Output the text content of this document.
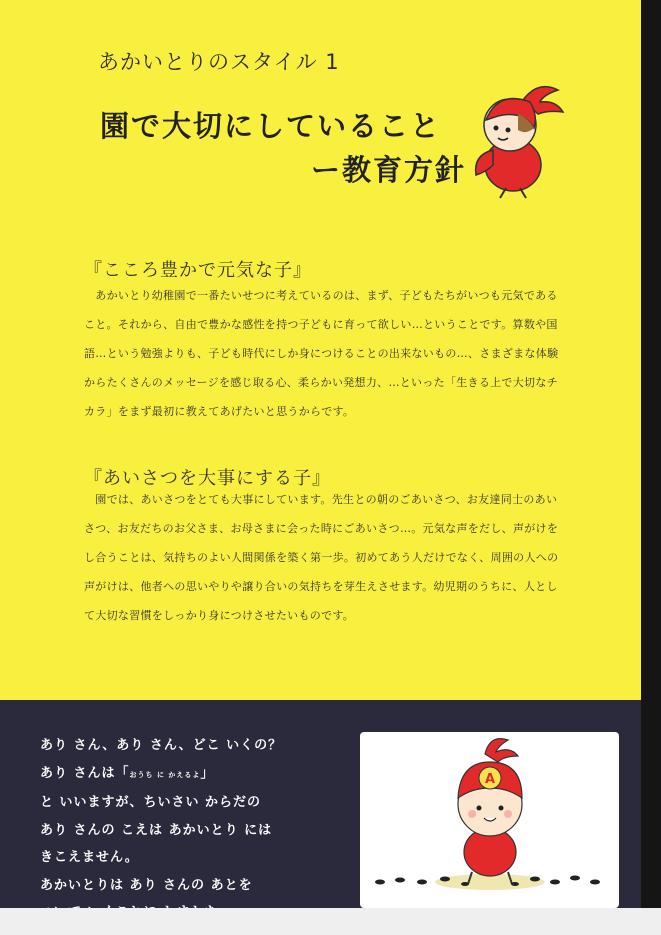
あかいとりのスタイル 1
園で大切にしていること
ー教育方針
『こころ豊かで元気な子』
　あかいとり幼稚園で一番たいせつに考えているのは、まず、子どもたちがいつも元気であること。それから、自由で豊かな感性を持つ子どもに育って欲しい…ということです。算数や国語…という勉強よりも、子ども時代にしか身につけることの出来ないもの…、さまざまな体験からたくさんのメッセージを感じ取る心、柔らかい発想力、…といった「生きる上で大切なチカラ」をまず最初に教えてあげたいと思うからです。
『あいさつを大事にする子』
　園では、あいさつをとても大事にしています。先生との朝のごあいさつ、お友達同士のあいさつ、お友だちのお父さま、お母さまに会った時にごあいさつ…。元気な声をだし、声がけをし合うことは、気持ちのよい人間関係を築く第一歩。初めてあう人だけでなく、周囲の人への声がけは、他者への思いやりや譲り合いの気持ちを芽生えさせます。幼児期のうちに、人として大切な習慣をしっかり身につけさせたいものです。
あり さん、あり さん、どこ いくの？
あり さんは「おうち に かえるよ」
と いいますが、ちいさい からだの
あり さんの こえは あかいとり には
きこえません。
あかいとりは あり さんの あとを
A
